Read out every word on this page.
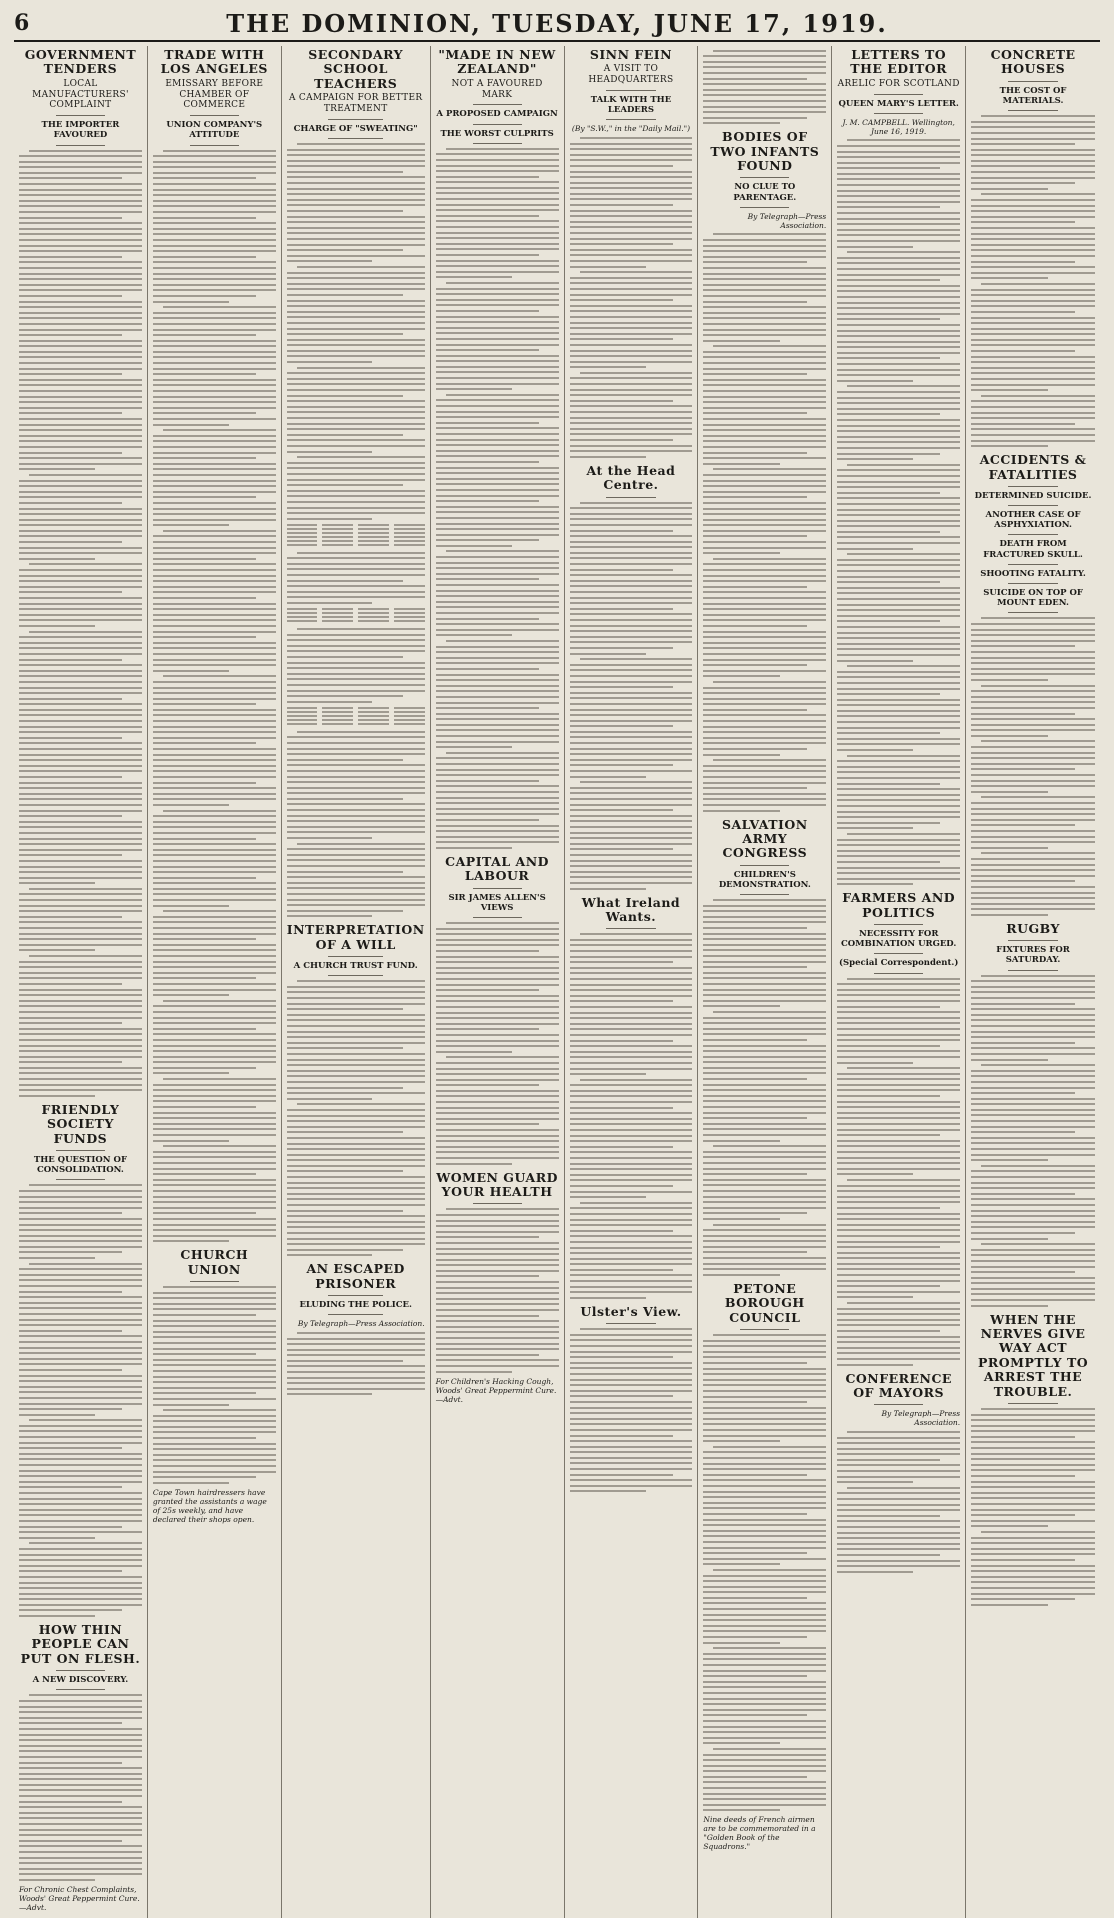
6	THE DOMINION, TUESDAY, JUNE 17, 1919.
GOVERNMENT TENDERS
LOCAL MANUFACTURERS' COMPLAINT
THE IMPORTER FAVOURED
FRIENDLY SOCIETY FUNDS
THE QUESTION OF CONSOLIDATION.
HOW THIN PEOPLE CAN PUT ON FLESH.
A NEW DISCOVERY.
For Chronic Chest Complaints, Woods' Great Peppermint Cure.—Advt.
TRADE WITH LOS ANGELES
EMISSARY BEFORE CHAMBER OF COMMERCE
UNION COMPANY'S ATTITUDE
CHURCH UNION
Cape Town hairdressers have granted the assistants a wage of 25s weekly, and have declared their shops open.
SECONDARY SCHOOL TEACHERS
A CAMPAIGN FOR BETTER TREATMENT
CHARGE OF "SWEATING"
INTERPRETATION OF A WILL
A CHURCH TRUST FUND.
AN ESCAPED PRISONER
ELUDING THE POLICE.
By Telegraph—Press Association.
"MADE IN NEW ZEALAND"
NOT A FAVOURED MARK
A PROPOSED CAMPAIGN
THE WORST CULPRITS
CAPITAL AND LABOUR
SIR JAMES ALLEN'S VIEWS
WOMEN GUARD YOUR HEALTH
For Children's Hacking Cough, Woods' Great Peppermint Cure.—Advt.
SINN FEIN
A VISIT TO HEADQUARTERS
TALK WITH THE LEADERS
(By "S.W.," in the "Daily Mail.")
At the Head Centre.
What Ireland Wants.
Ulster's View.
BODIES OF TWO INFANTS FOUND
NO CLUE TO PARENTAGE.
By Telegraph—Press Association.
SALVATION ARMY CONGRESS
CHILDREN'S DEMONSTRATION.
PETONE BOROUGH COUNCIL
Nine deeds of French airmen are to be commemorated in a "Golden Book of the Squadrons."
LETTERS TO THE EDITOR
ARELIC FOR SCOTLAND
QUEEN MARY'S LETTER.
J. M. CAMPBELL. Wellington, June 16, 1919.
FARMERS AND POLITICS
NECESSITY FOR COMBINATION URGED.
(Special Correspondent.)
CONFERENCE OF MAYORS
By Telegraph—Press Association.
CONCRETE HOUSES
THE COST OF MATERIALS.
ACCIDENTS & FATALITIES
DETERMINED SUICIDE.
ANOTHER CASE OF ASPHYXIATION.
DEATH FROM FRACTURED SKULL.
SHOOTING FATALITY.
SUICIDE ON TOP OF MOUNT EDEN.
RUGBY
FIXTURES FOR SATURDAY.
WHEN THE NERVES GIVE WAY ACT PROMPTLY TO ARREST THE TROUBLE.
